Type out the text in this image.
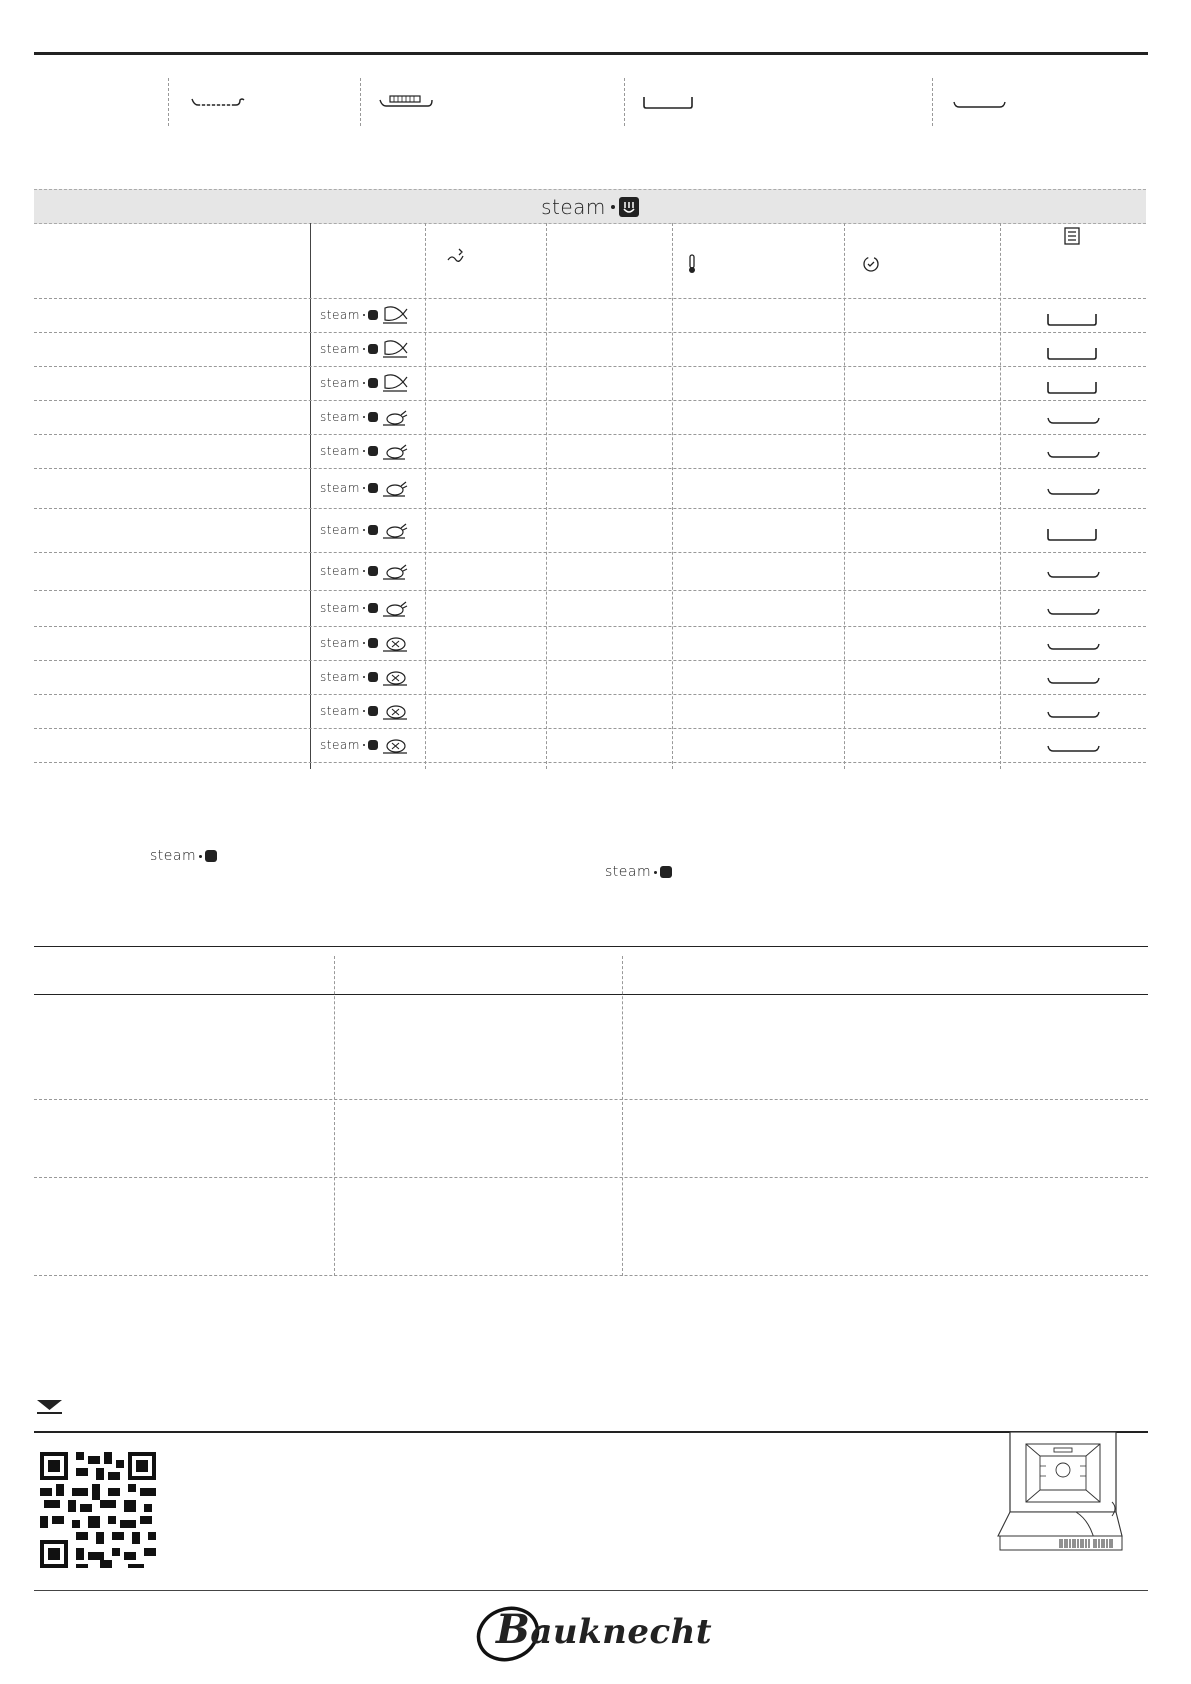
steam
steam
steam
steam
steam
steam
steam
steam
steam
steam
steam
steam
steam
steam
steam
steam
Bauknecht
